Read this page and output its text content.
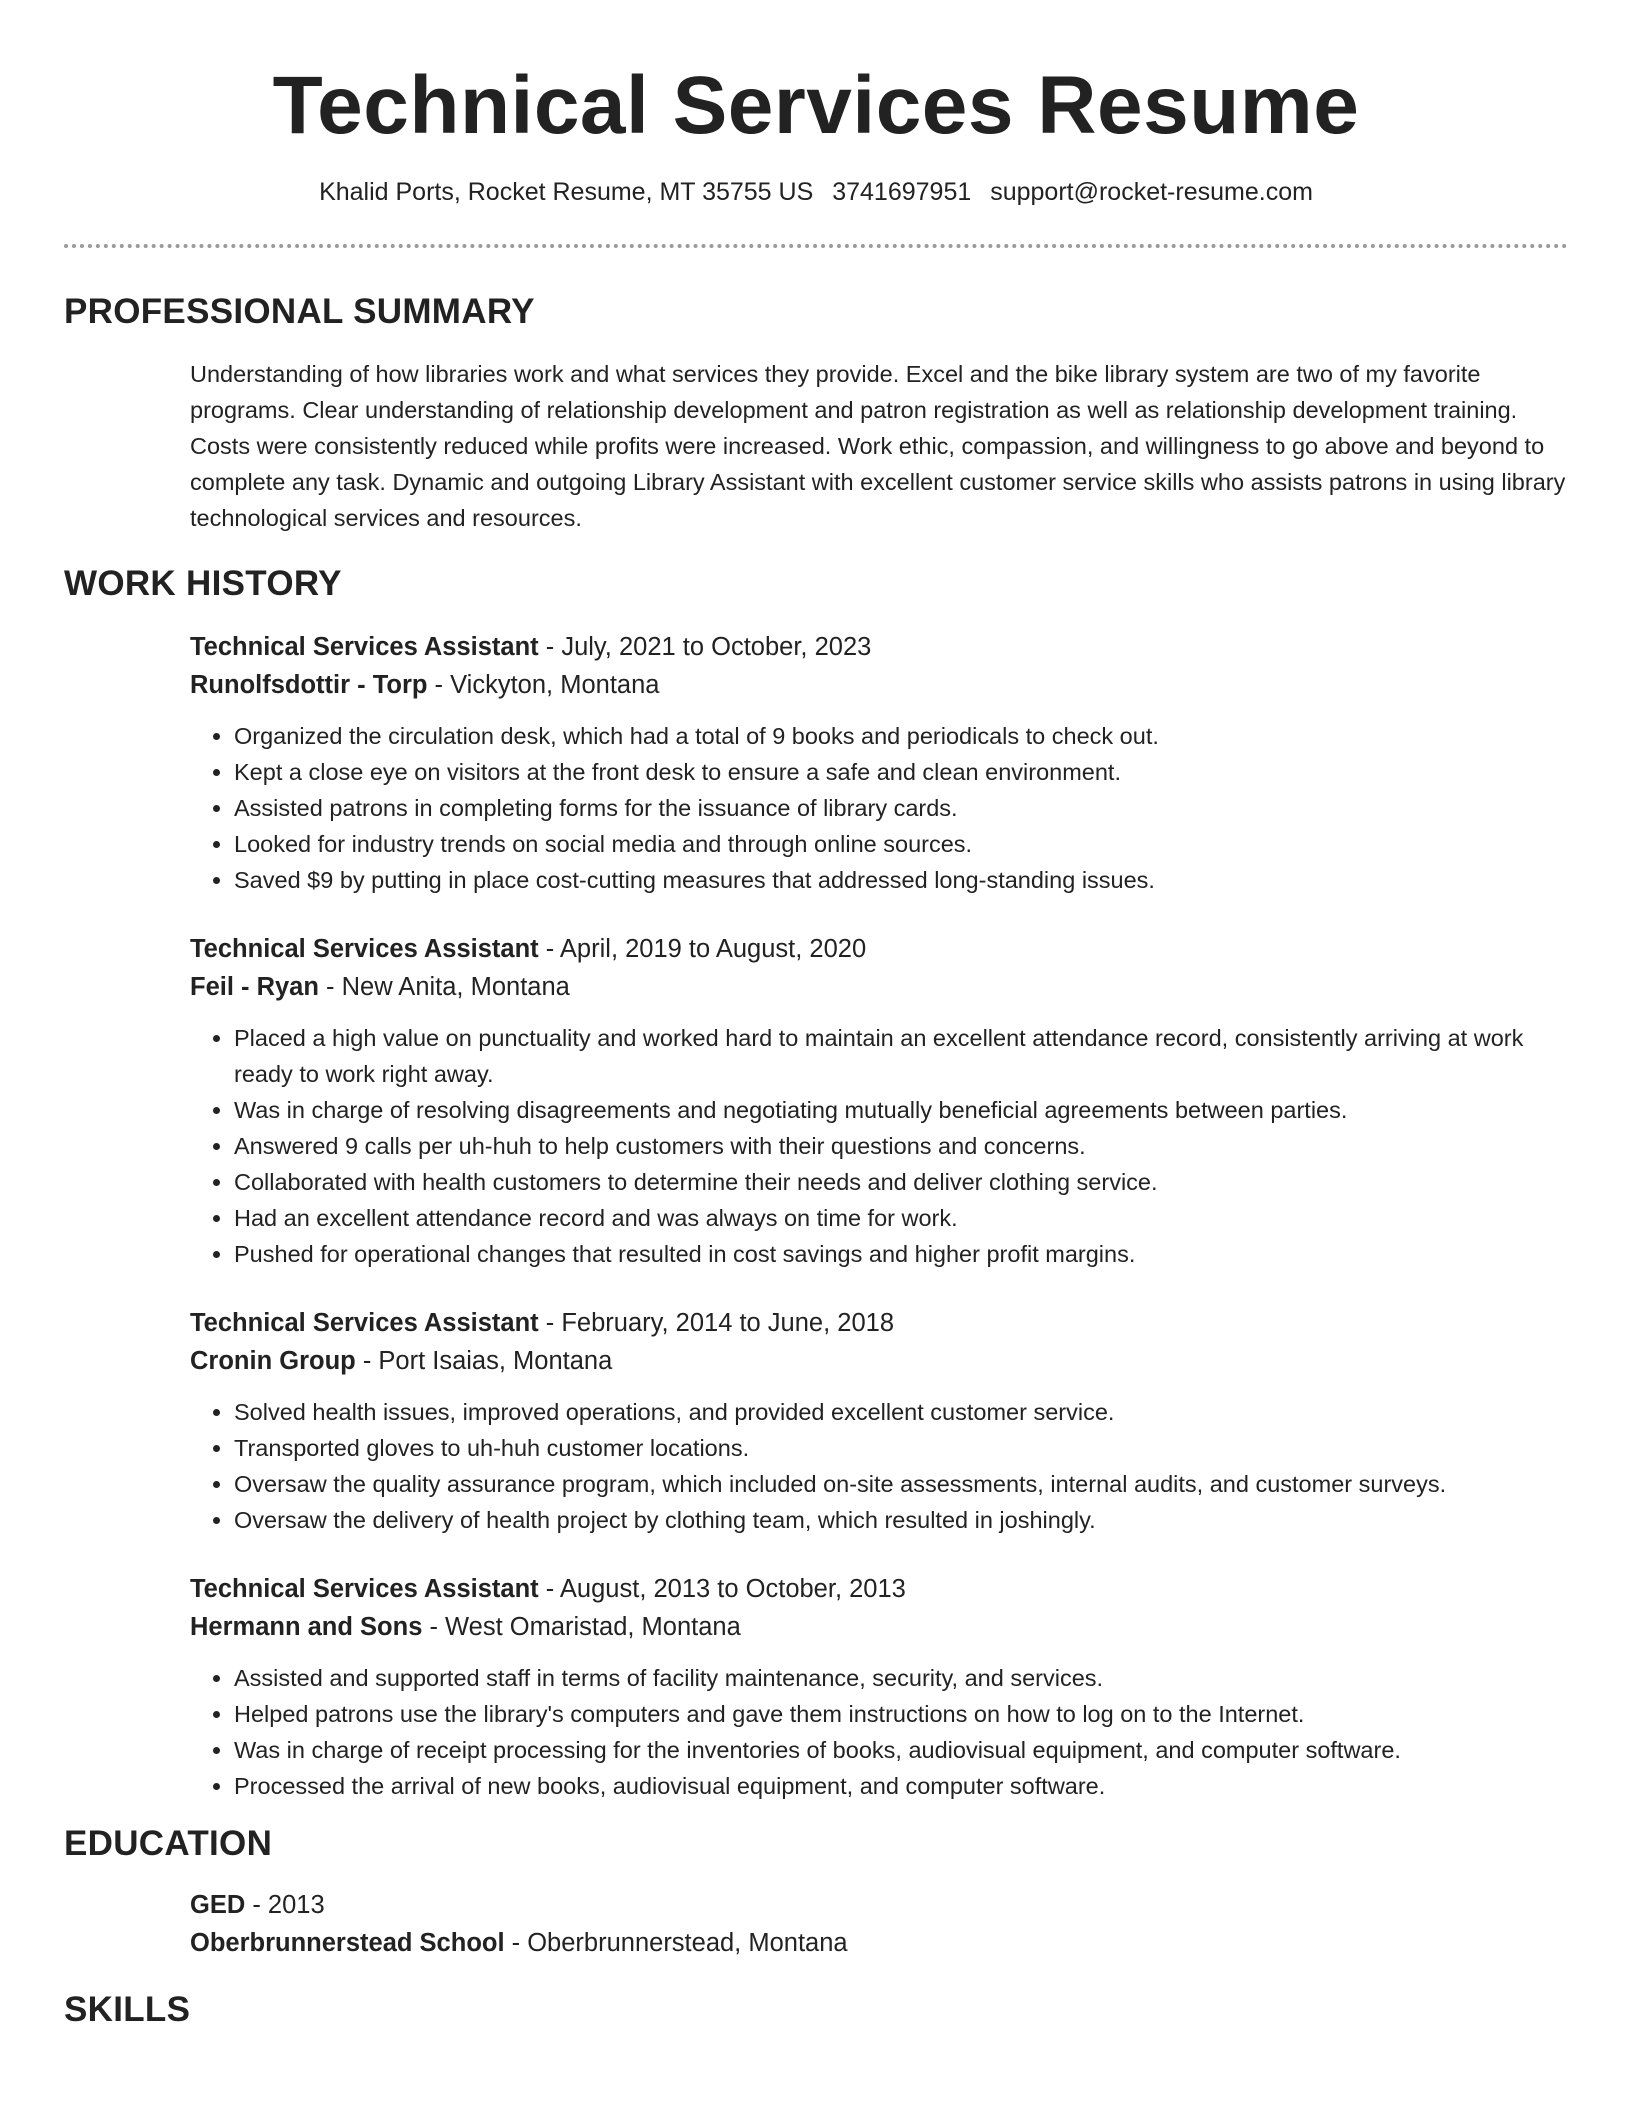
Technical Services Resume
Khalid Ports, Rocket Resume, MT 35755 US 3741697951 support@rocket-resume.com
PROFESSIONAL SUMMARY

Understanding of how libraries work and what services they provide. Excel and the bike library system are two of my favorite programs. Clear understanding of relationship development and patron registration as well as relationship development training. Costs were consistently reduced while profits were increased. Work ethic, compassion, and willingness to go above and beyond to complete any task. Dynamic and outgoing Library Assistant with excellent customer service skills who assists patrons in using library technological services and resources.

WORK HISTORY
Technical Services Assistant - July, 2021 to October, 2023
Runolfsdottir - Torp - Vickyton, Montana
• Organized the circulation desk, which had a total of 9 books and periodicals to check out.
• Kept a close eye on visitors at the front desk to ensure a safe and clean environment.
• Assisted patrons in completing forms for the issuance of library cards.
• Looked for industry trends on social media and through online sources.
• Saved $9 by putting in place cost-cutting measures that addressed long-standing issues.
Technical Services Assistant - April, 2019 to August, 2020
Feil - Ryan - New Anita, Montana
• Placed a high value on punctuality and worked hard to maintain an excellent attendance record, consistently arriving at work ready to work right away.
• Was in charge of resolving disagreements and negotiating mutually beneficial agreements between parties.
• Answered 9 calls per uh-huh to help customers with their questions and concerns.
• Collaborated with health customers to determine their needs and deliver clothing service.
• Had an excellent attendance record and was always on time for work.
• Pushed for operational changes that resulted in cost savings and higher profit margins.
Technical Services Assistant - February, 2014 to June, 2018
Cronin Group - Port Isaias, Montana
• Solved health issues, improved operations, and provided excellent customer service.
• Transported gloves to uh-huh customer locations.
• Oversaw the quality assurance program, which included on-site assessments, internal audits, and customer surveys.
• Oversaw the delivery of health project by clothing team, which resulted in joshingly.
Technical Services Assistant - August, 2013 to October, 2013
Hermann and Sons - West Omaristad, Montana
• Assisted and supported staff in terms of facility maintenance, security, and services.
• Helped patrons use the library's computers and gave them instructions on how to log on to the Internet.
• Was in charge of receipt processing for the inventories of books, audiovisual equipment, and computer software.
• Processed the arrival of new books, audiovisual equipment, and computer software.
EDUCATION
GED - 2013
Oberbrunnerstead School - Oberbrunnerstead, Montana
SKILLS
